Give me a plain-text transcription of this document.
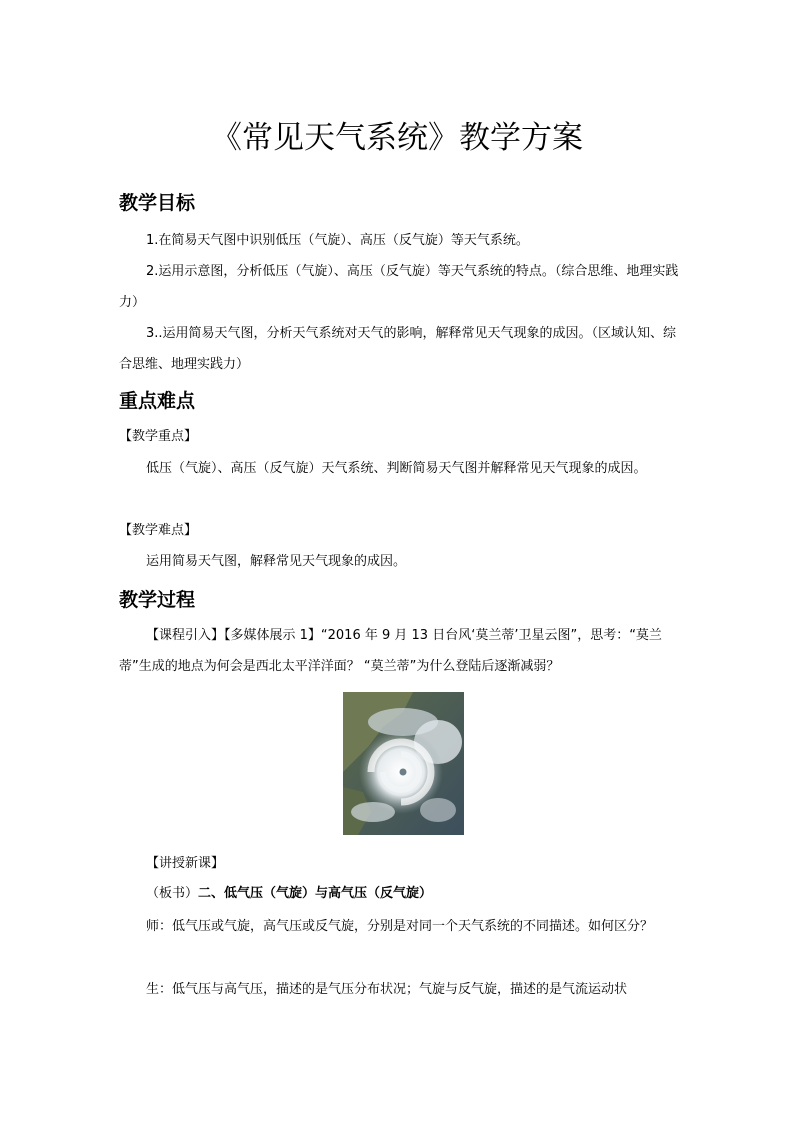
《常见天气系统》教学方案
教学目标
1.在简易天气图中识别低压（气旋）、高压（反气旋）等天气系统。
2.运用示意图，分析低压（气旋）、高压（反气旋）等天气系统的特点。（综合思维、地理实践力）
3..运用简易天气图，分析天气系统对天气的影响，解释常见天气现象的成因。（区域认知、综合思维、地理实践力）
重点难点
【教学重点】
低压（气旋）、高压（反气旋）天气系统、判断简易天气图并解释常见天气现象的成因。
【教学难点】
运用简易天气图，解释常见天气现象的成因。
教学过程
【课程引入】【多媒体展示 1】“2016 年 9 月 13 日台风‘莫兰蒂’卫星云图”，思考：“莫兰蒂”生成的地点为何会是西北太平洋洋面？ “莫兰蒂”为什么登陆后逐渐减弱？
【讲授新课】
（板书）二、低气压（气旋）与高气压（反气旋）
师：低气压或气旋，高气压或反气旋，分别是对同一个天气系统的不同描述。如何区分？
生：低气压与高气压，描述的是气压分布状况；气旋与反气旋，描述的是气流运动状
